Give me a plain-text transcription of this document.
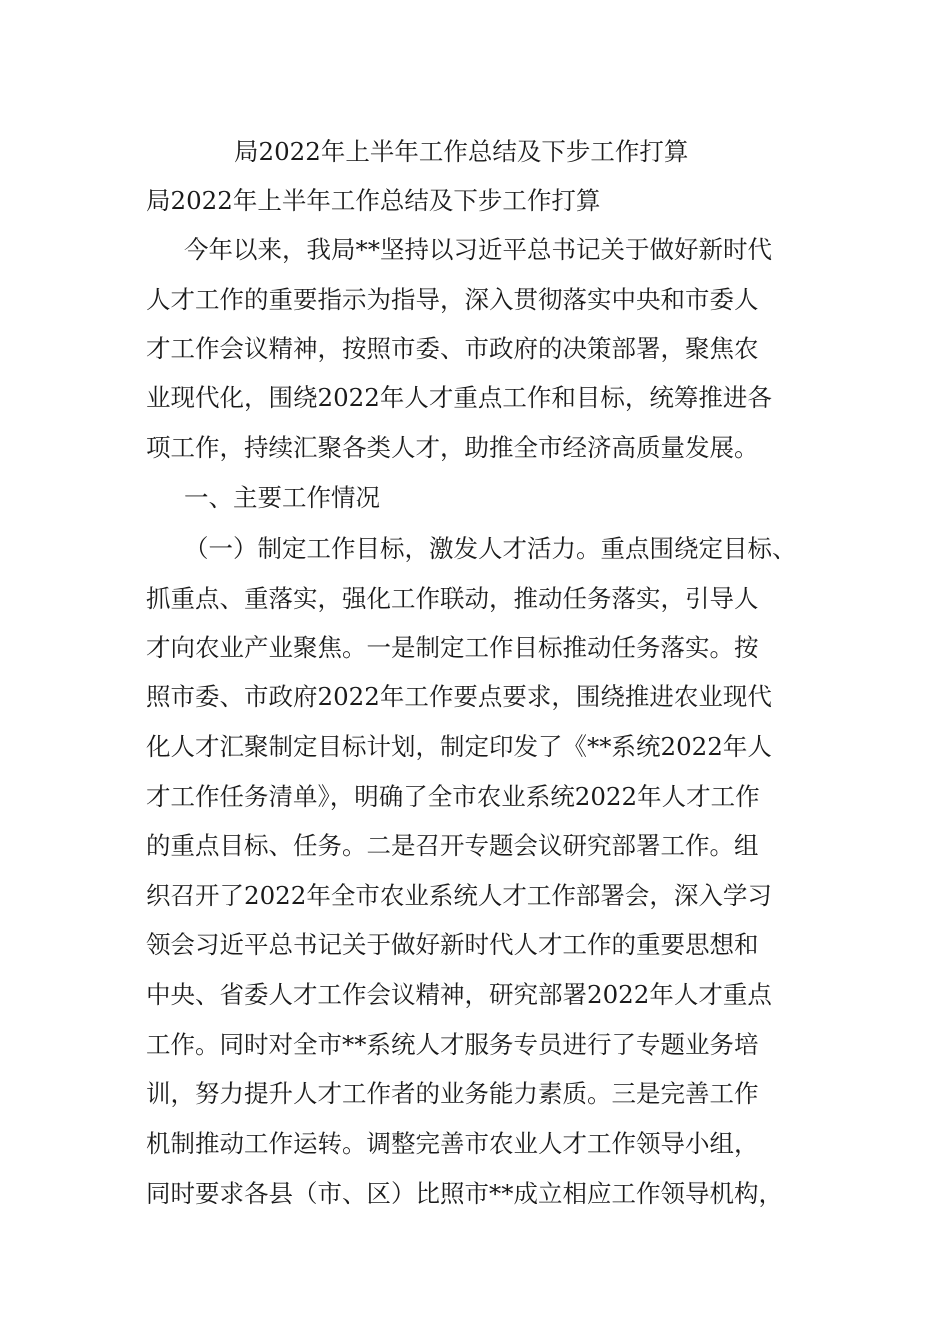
局2022年上半年工作总结及下步工作打算
局2022年上半年工作总结及下步工作打算
今年以来，我局**坚持以习近平总书记关于做好新时代
人才工作的重要指示为指导，深入贯彻落实中央和市委人
才工作会议精神，按照市委、市政府的决策部署，聚焦农
业现代化，围绕2022年人才重点工作和目标，统筹推进各
项工作，持续汇聚各类人才，助推全市经济高质量发展。
一、主要工作情况
（一）制定工作目标，激发人才活力。重点围绕定目标、
抓重点、重落实，强化工作联动，推动任务落实，引导人
才向农业产业聚焦。一是制定工作目标推动任务落实。按
照市委、市政府2022年工作要点要求，围绕推进农业现代
化人才汇聚制定目标计划，制定印发了《**系统2022年人
才工作任务清单》，明确了全市农业系统2022年人才工作
的重点目标、任务。二是召开专题会议研究部署工作。组
织召开了2022年全市农业系统人才工作部署会，深入学习
领会习近平总书记关于做好新时代人才工作的重要思想和
中央、省委人才工作会议精神，研究部署2022年人才重点
工作。同时对全市**系统人才服务专员进行了专题业务培
训，努力提升人才工作者的业务能力素质。三是完善工作
机制推动工作运转。调整完善市农业人才工作领导小组，
同时要求各县（市、区）比照市**成立相应工作领导机构，
